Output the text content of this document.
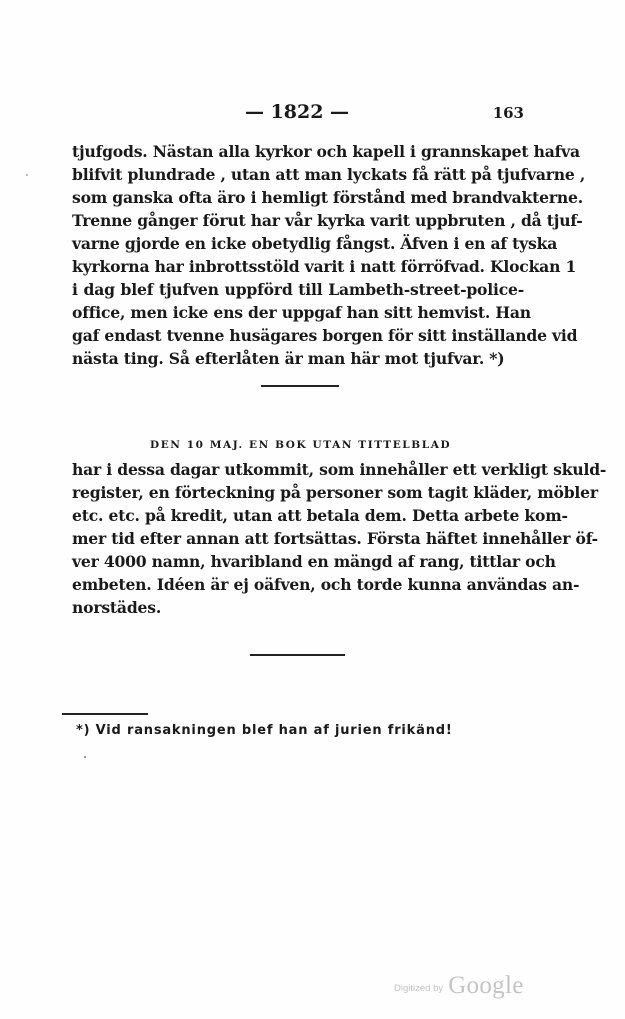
— 1822 —	163
tjufgods. Nästan alla kyrkor och kapell i grannskapet hafva
blifvit plundrade , utan att man lyckats få rätt på tjufvarne ,
som ganska ofta äro i hemligt förstånd med brandvakterne.
Trenne gånger förut har vår kyrka varit uppbruten , då tjuf-
varne gjorde en icke obetydlig fångst. Äfven i en af tyska
kyrkorna har inbrottsstöld varit i natt förröfvad. Klockan 1
i dag blef tjufven uppförd till Lambeth-street-police-
office, men icke ens der uppgaf han sitt hemvist. Han
gaf endast tvenne husägares borgen för sitt inställande vid
nästa ting. Så efterlåten är man här mot tjufvar. *)
DEN 10 MAJ. EN BOK UTAN TITTELBLAD
har i dessa dagar utkommit, som innehåller ett verkligt skuld-
register, en förteckning på personer som tagit kläder, möbler
etc. etc. på kredit, utan att betala dem. Detta arbete kom-
mer tid efter annan att fortsättas. Första häftet innehåller öf-
ver 4000 namn, hvaribland en mängd af rang, tittlar och
embeten. Idéen är ej oäfven, och torde kunna användas an-
norstädes.
*) Vid ransakningen blef han af jurien frikänd!
Digitized by Google
